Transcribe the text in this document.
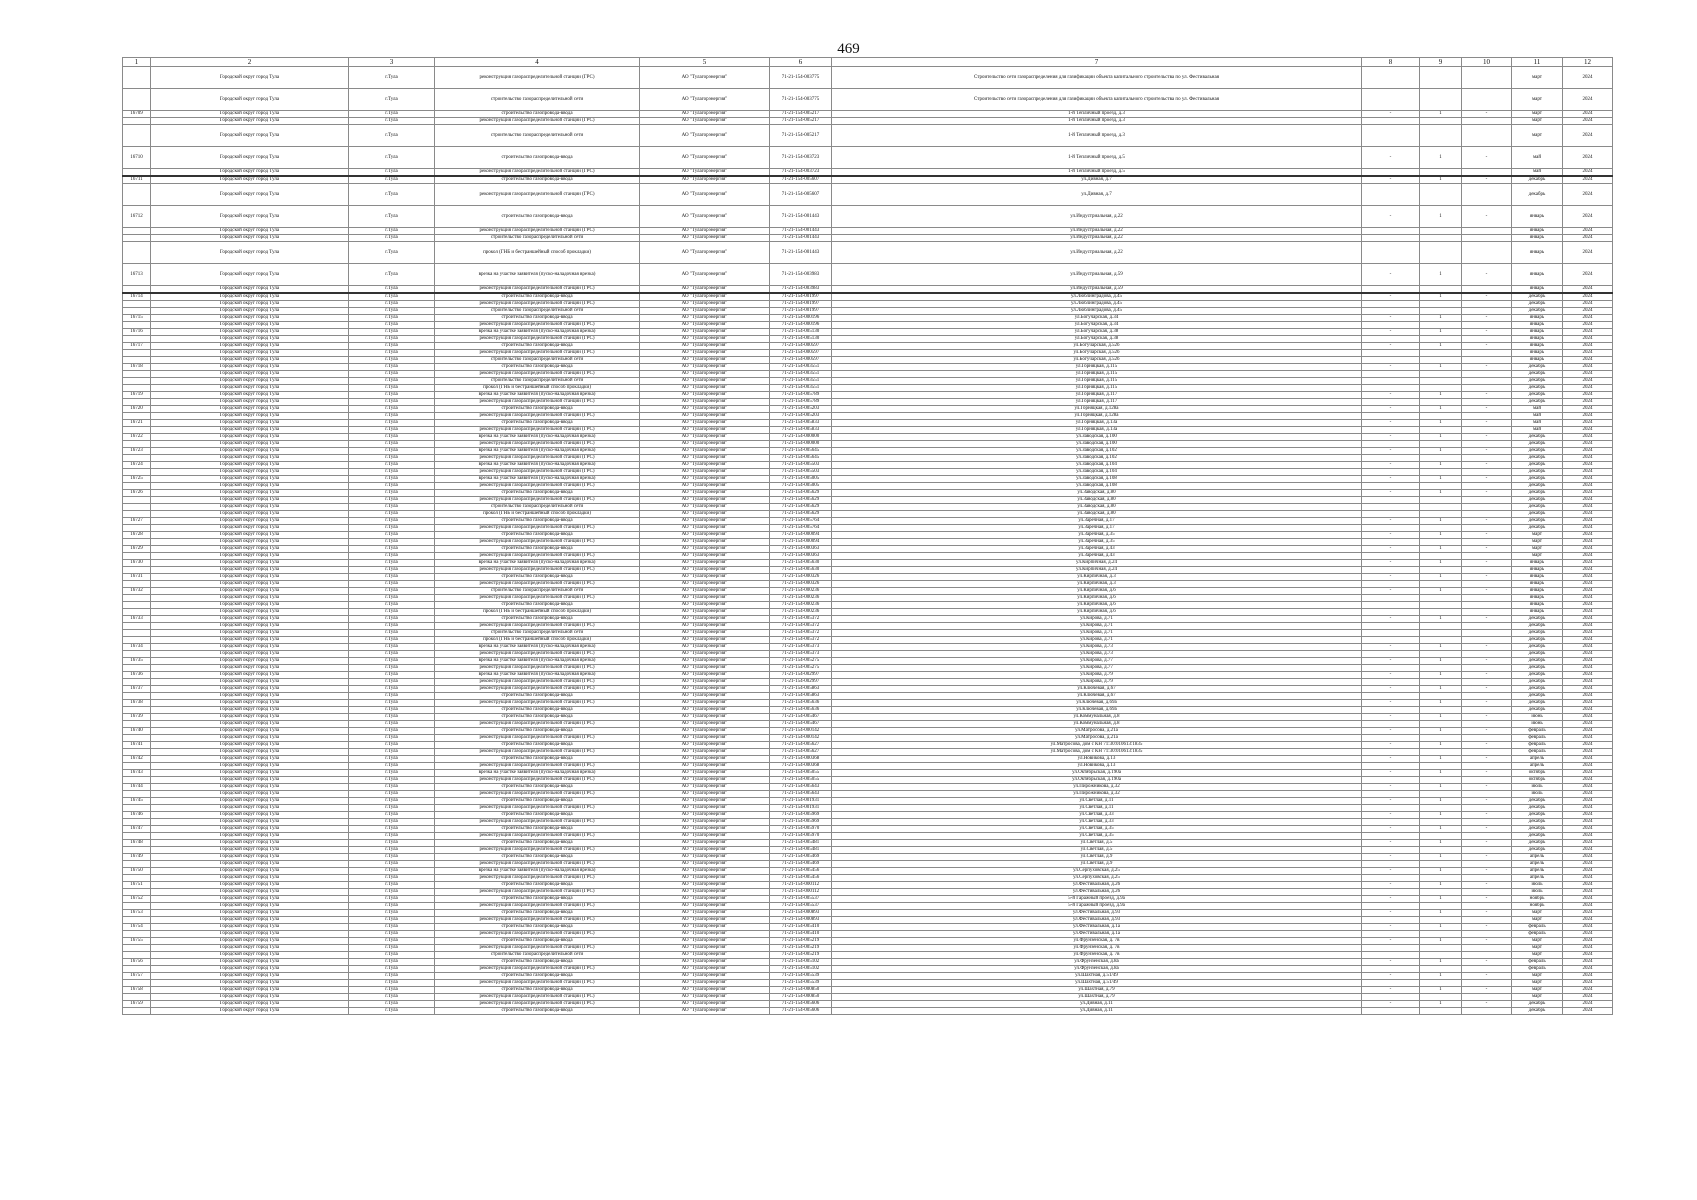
469
1	2	3	4	5	6	7	8	9	10	11	12
	Городской округ город Тула	г.Тула	реконструкция газораспределительной станции (ГРС)	АО "Тулагорэнергия"	71-21-154-003775	Строительство сети газораспределения для газификации объекта капитального строительства по ул. Фестивальная				март	2024
	Городской округ город Тула	г.Тула	строительство газораспределительной сети	АО "Тулагорэнергия"	71-21-154-003775	Строительство сети газораспределения для газификации объекта капитального строительства по ул. Фестивальная				март	2024
16709	Городской округ город Тула	г.Тула	строительство газопровода-ввода	АО "Тулагорэнергия"	71-21-154-005217	1-й Тепличный проезд, д.3	-	1	-	март	2024
	Городской округ город Тула	г.Тула	реконструкция газораспределительной станции (ГРС)	АО "Тулагорэнергия"	71-21-154-005217	1-й Тепличный проезд, д.3				март	2024
	Городской округ город Тула	г.Тула	строительство газораспределительной сети	АО "Тулагорэнергия"	71-21-154-005217	1-й Тепличный проезд, д.3				март	2024
16710	Городской округ город Тула	г.Тула	строительство газопровода-ввода	АО "Тулагорэнергия"	71-21-154-003723	1-й Тепличный проезд, д.5	-	1	-	май	2024
	Городской округ город Тула	г.Тула	реконструкция газораспределительной станции (ГРС)	АО "Тулагорэнергия"	71-21-154-003723	1-й Тепличный проезд, д.5				май	2024
16711	Городской округ город Тула	г.Тула	строительство газопровода-ввода	АО "Тулагорэнергия"	71-21-154-005607	ул.Дивная, д.7	-	1	-	декабрь	2024
	Городской округ город Тула	г.Тула	реконструкция газораспределительной станции (ГРС)	АО "Тулагорэнергия"	71-21-154-005607	ул.Дивная, д.7				декабрь	2024
16712	Городской округ город Тула	г.Тула	строительство газопровода-ввода	АО "Тулагорэнергия"	71-21-154-001443	ул.Индустриальная, д.22	-	1	-	январь	2024
	Городской округ город Тула	г.Тула	реконструкция газораспределительной станции (ГРС)	АО "Тулагорэнергия"	71-21-154-001443	ул.Индустриальная, д.22				январь	2024
	Городской округ город Тула	г.Тула	строительство газораспределительной сети	АО "Тулагорэнергия"	71-21-154-001443	ул.Индустриальная, д.22				январь	2024
	Городской округ город Тула	г.Тула	прокол (ГНБ и бестраншейный способ прокладки)	АО "Тулагорэнергия"	71-21-154-001443	ул.Индустриальная, д.22				январь	2024
16713	Городской округ город Тула	г.Тула	врезка на участке заявителя (пуско-наладочная врезка)	АО "Тулагорэнергия"	71-21-154-003983	ул.Индустриальная, д.59	-	1	-	январь	2024
	Городской округ город Тула	г.Тула	реконструкция газораспределительной станции (ГРС)	АО "Тулагорэнергия"	71-21-154-003983	ул.Индустриальная, д.59				январь	2024
16714	Городской округ город Тула	г.Тула	строительство газопровода-ввода	АО "Тулагорэнергия"	71-21-154-001997	ул.Люблинградова, д.45	-	1	-	декабрь	2024
	Городской округ город Тула	г.Тула	реконструкция газораспределительной станции (ГРС)	АО "Тулагорэнергия"	71-21-154-001997	ул.Люблинградова, д.45				декабрь	2024
	Городской округ город Тула	г.Тула	строительство газораспределительной сети	АО "Тулагорэнергия"	71-21-154-001997	ул.Люблинградова, д.45				декабрь	2024
16715	Городской округ город Тула	г.Тула	строительство газопровода-ввода	АО "Тулагорэнергия"	71-21-154-000196	ул.Богучарская, д.34	-	1	-	январь	2024
	Городской округ город Тула	г.Тула	реконструкция газораспределительной станции (ГРС)	АО "Тулагорэнергия"	71-21-154-000196	ул.Богучарская, д.34				январь	2024
16716	Городской округ город Тула	г.Тула	врезка на участке заявителя (пуско-наладочная врезка)	АО "Тулагорэнергия"	71-21-154-005130	ул.Богучарская, д.38	-	1	-	январь	2024
	Городской округ город Тула	г.Тула	реконструкция газораспределительной станции (ГРС)	АО "Тулагорэнергия"	71-21-154-005130	ул.Богучарская, д.38				январь	2024
16717	Городской округ город Тула	г.Тула	строительство газопровода-ввода	АО "Тулагорэнергия"	71-21-154-000597	ул.Богучарская, д.52б	-	1	-	январь	2024
	Городской округ город Тула	г.Тула	реконструкция газораспределительной станции (ГРС)	АО "Тулагорэнергия"	71-21-154-000597	ул.Богучарская, д.52б				январь	2024
	Городской округ город Тула	г.Тула	строительство газораспределительной сети	АО "Тулагорэнергия"	71-21-154-000597	ул.Богучарская, д.52б				январь	2024
16718	Городской округ город Тула	г.Тула	строительство газопровода-ввода	АО "Тулагорэнергия"	71-21-154-003551	ул.Горняцкая, д.115	-	1	-	декабрь	2024
	Городской округ город Тула	г.Тула	реконструкция газораспределительной станции (ГРС)	АО "Тулагорэнергия"	71-21-154-003551	ул.Горняцкая, д.115				декабрь	2024
	Городской округ город Тула	г.Тула	строительство газораспределительной сети	АО "Тулагорэнергия"	71-21-154-003551	ул.Горняцкая, д.115				декабрь	2024
	Городской округ город Тула	г.Тула	прокол (ГНБ и бестраншейный способ прокладки)	АО "Тулагорэнергия"	71-21-154-003551	ул.Горняцкая, д.115				декабрь	2024
16719	Городской округ город Тула	г.Тула	врезка на участке заявителя (пуско-наладочная врезка)	АО "Тулагорэнергия"	71-21-154-005789	ул.Горняцкая, д.117	-	1	-	декабрь	2024
	Городской округ город Тула	г.Тула	реконструкция газораспределительной станции (ГРС)	АО "Тулагорэнергия"	71-21-154-005789	ул.Горняцкая, д.117				декабрь	2024
16720	Городской округ город Тула	г.Тула	строительство газопровода-ввода	АО "Тулагорэнергия"	71-21-154-005203	ул.Горняцкая, д.128а	-	1	-	май	2024
	Городской округ город Тула	г.Тула	реконструкция газораспределительной станции (ГРС)	АО "Тулагорэнергия"	71-21-154-005203	ул.Горняцкая, д.128а				май	2024
16721	Городской округ город Тула	г.Тула	строительство газопровода-ввода	АО "Тулагорэнергия"	71-21-154-005833	ул.Горняцкая, д.13а	-	1	-	май	2024
	Городской округ город Тула	г.Тула	реконструкция газораспределительной станции (ГРС)	АО "Тулагорэнергия"	71-21-154-005833	ул.Горняцкая, д.13а				май	2024
16722	Городской округ город Тула	г.Тула	врезка на участке заявителя (пуско-наладочная врезка)	АО "Тулагорэнергия"	71-21-154-000000	ул.Заводская, д.100	-	1	-	декабрь	2024
	Городской округ город Тула	г.Тула	реконструкция газораспределительной станции (ГРС)	АО "Тулагорэнергия"	71-21-154-000000	ул.Заводская, д.100				декабрь	2024
16723	Городской округ город Тула	г.Тула	врезка на участке заявителя (пуско-наладочная врезка)	АО "Тулагорэнергия"	71-21-154-005645	ул.Заводская, д.102	-	1	-	декабрь	2024
	Городской округ город Тула	г.Тула	реконструкция газораспределительной станции (ГРС)	АО "Тулагорэнергия"	71-21-154-005645	ул.Заводская, д.102				декабрь	2024
16724	Городской округ город Тула	г.Тула	врезка на участке заявителя (пуско-наладочная врезка)	АО "Тулагорэнергия"	71-21-154-005503	ул.Заводская, д.104	-	1	-	декабрь	2024
	Городской округ город Тула	г.Тула	реконструкция газораспределительной станции (ГРС)	АО "Тулагорэнергия"	71-21-154-005503	ул.Заводская, д.104				декабрь	2024
16725	Городской округ город Тула	г.Тула	врезка на участке заявителя (пуско-наладочная врезка)	АО "Тулагорэнергия"	71-21-154-005005	ул.Заводская, д.108	-	1	-	декабрь	2024
	Городской округ город Тула	г.Тула	реконструкция газораспределительной станции (ГРС)	АО "Тулагорэнергия"	71-21-154-005005	ул.Заводская, д.108				декабрь	2024
16726	Городской округ город Тула	г.Тула	строительство газопровода-ввода	АО "Тулагорэнергия"	71-21-154-005629	ул.Заводская, д.80	-	1	-	декабрь	2024
	Городской округ город Тула	г.Тула	реконструкция газораспределительной станции (ГРС)	АО "Тулагорэнергия"	71-21-154-005629	ул.Заводская, д.80				декабрь	2024
	Городской округ город Тула	г.Тула	строительство газораспределительной сети	АО "Тулагорэнергия"	71-21-154-005629	ул.Заводская, д.80				декабрь	2024
	Городской округ город Тула	г.Тула	прокол (ГНБ и бестраншейный способ прокладки)	АО "Тулагорэнергия"	71-21-154-005629	ул.Заводская, д.80				декабрь	2024
16727	Городской округ город Тула	г.Тула	строительство газопровода-ввода	АО "Тулагорэнергия"	71-21-154-005764	ул.Заречная, д.17	-	1	-	декабрь	2024
	Городской округ город Тула	г.Тула	реконструкция газораспределительной станции (ГРС)	АО "Тулагорэнергия"	71-21-154-005764	ул.Заречная, д.17				декабрь	2024
16728	Городской округ город Тула	г.Тула	строительство газопровода-ввода	АО "Тулагорэнергия"	71-21-154-000094	ул.Заречная, д.35	-	1	-	март	2024
	Городской округ город Тула	г.Тула	реконструкция газораспределительной станции (ГРС)	АО "Тулагорэнергия"	71-21-154-000094	ул.Заречная, д.35				март	2024
16729	Городской округ город Тула	г.Тула	строительство газопровода-ввода	АО "Тулагорэнергия"	71-21-154-000363	ул.Заречная, д.43	-	1	-	март	2024
	Городской округ город Тула	г.Тула	реконструкция газораспределительной станции (ГРС)	АО "Тулагорэнергия"	71-21-154-000363	ул.Заречная, д.43				март	2024
16730	Городской округ город Тула	г.Тула	врезка на участке заявителя (пуско-наладочная врезка)	АО "Тулагорэнергия"	71-21-154-005630	ул.Кирпичная, д.24	-	1	-	январь	2024
	Городской округ город Тула	г.Тула	реконструкция газораспределительной станции (ГРС)	АО "Тулагорэнергия"	71-21-154-005630	ул.Кирпичная, д.24				январь	2024
16731	Городской округ город Тула	г.Тула	строительство газопровода-ввода	АО "Тулагорэнергия"	71-21-154-000326	ул.Кирпичная, д.3	-	1	-	январь	2024
	Городской округ город Тула	г.Тула	реконструкция газораспределительной станции (ГРС)	АО "Тулагорэнергия"	71-21-154-000326	ул.Кирпичная, д.3				январь	2024
16732	Городской округ город Тула	г.Тула	строительство газораспределительной сети	АО "Тулагорэнергия"	71-21-154-000236	ул.Кирпичная, д.6	-	1	-	январь	2024
	Городской округ город Тула	г.Тула	реконструкция газораспределительной станции (ГРС)	АО "Тулагорэнергия"	71-21-154-000236	ул.Кирпичная, д.6				январь	2024
	Городской округ город Тула	г.Тула	строительство газопровода-ввода	АО "Тулагорэнергия"	71-21-154-000236	ул.Кирпичная, д.6				январь	2024
	Городской округ город Тула	г.Тула	прокол (ГНБ и бестраншейный способ прокладки)	АО "Тулагорэнергия"	71-21-154-000236	ул.Кирпичная, д.6				январь	2024
16733	Городской округ город Тула	г.Тула	строительство газопровода-ввода	АО "Тулагорэнергия"	71-21-154-005372	ул.Кирова, д.71	-	1	-	декабрь	2024
	Городской округ город Тула	г.Тула	реконструкция газораспределительной станции (ГРС)	АО "Тулагорэнергия"	71-21-154-005372	ул.Кирова, д.71				декабрь	2024
	Городской округ город Тула	г.Тула	строительство газораспределительной сети	АО "Тулагорэнергия"	71-21-154-005372	ул.Кирова, д.71				декабрь	2024
	Городской округ город Тула	г.Тула	прокол (ГНБ и бестраншейный способ прокладки)	АО "Тулагорэнергия"	71-21-154-005372	ул.Кирова, д.71				декабрь	2024
16734	Городской округ город Тула	г.Тула	врезка на участке заявителя (пуско-наладочная врезка)	АО "Тулагорэнергия"	71-21-154-005373	ул.Кирова, д.73	-	1	-	декабрь	2024
	Городской округ город Тула	г.Тула	реконструкция газораспределительной станции (ГРС)	АО "Тулагорэнергия"	71-21-154-005373	ул.Кирова, д.73				декабрь	2024
16735	Городской округ город Тула	г.Тула	врезка на участке заявителя (пуско-наладочная врезка)	АО "Тулагорэнергия"	71-21-154-005275	ул.Кирова, д.77	-	1	-	декабрь	2024
	Городской округ город Тула	г.Тула	реконструкция газораспределительной станции (ГРС)	АО "Тулагорэнергия"	71-21-154-005275	ул.Кирова, д.77				декабрь	2024
16736	Городской округ город Тула	г.Тула	врезка на участке заявителя (пуско-наладочная врезка)	АО "Тулагорэнергия"	71-21-154-002997	ул.Кирова, д.79	-	1	-	декабрь	2024
	Городской округ город Тула	г.Тула	реконструкция газораспределительной станции (ГРС)	АО "Тулагорэнергия"	71-21-154-002997	ул.Кирова, д.79				декабрь	2024
16737	Городской округ город Тула	г.Тула	реконструкция газораспределительной станции (ГРС)	АО "Тулагорэнергия"	71-21-154-005863	ул.Ключевая, д.67	-	1	-	декабрь	2024
	Городской округ город Тула	г.Тула	строительство газопровода-ввода	АО "Тулагорэнергия"	71-21-154-005863	ул.Ключевая, д.67				декабрь	2024
16738	Городской округ город Тула	г.Тула	реконструкция газораспределительной станции (ГРС)	АО "Тулагорэнергия"	71-21-154-005636	ул.Ключевая, д.69а	-	1	-	декабрь	2024
	Городской округ город Тула	г.Тула	строительство газопровода-ввода	АО "Тулагорэнергия"	71-21-154-005636	ул.Ключевая, д.69а				декабрь	2024
16739	Городской округ город Тула	г.Тула	строительство газопровода-ввода	АО "Тулагорэнергия"	71-21-154-005467	ул.Коммунальная, д.8	-	1	-	июнь	2024
	Городской округ город Тула	г.Тула	реконструкция газораспределительной станции (ГРС)	АО "Тулагорэнергия"	71-21-154-005467	ул.Коммунальная, д.8				июнь	2024
16740	Городской округ город Тула	г.Тула	строительство газопровода-ввода	АО "Тулагорэнергия"	71-21-154-000142	ул.Матросова, д.21а	-	1	-	февраль	2024
	Городской округ город Тула	г.Тула	реконструкция газораспределительной станции (ГРС)	АО "Тулагорэнергия"	71-21-154-000142	ул.Матросова, д.21а				февраль	2024
16741	Городской округ город Тула	г.Тула	строительство газопровода-ввода	АО "Тулагорэнергия"	71-21-154-005627	ул.Матросова, дом с КН 71:30:010613:1835	-	1	-	февраль	2024
	Городской округ город Тула	г.Тула	реконструкция газораспределительной станции (ГРС)	АО "Тулагорэнергия"	71-21-154-005627	ул.Матросова, дом с КН 71:30:010613:1835				февраль	2024
16742	Городской округ город Тула	г.Тула	строительство газопровода-ввода	АО "Тулагорэнергия"	71-21-154-000368	ул.Новикова, д.13	-	1	-	апрель	2024
	Городской округ город Тула	г.Тула	реконструкция газораспределительной станции (ГРС)	АО "Тулагорэнергия"	71-21-154-000368	ул.Новикова, д.13				апрель	2024
16743	Городской округ город Тула	г.Тула	врезка на участке заявителя (пуско-наладочная врезка)	АО "Тулагорэнергия"	71-21-154-005055	ул.Октябрьская, д.190а	-	1	-	октябрь	2024
	Городской округ город Тула	г.Тула	реконструкция газораспределительной станции (ГРС)	АО "Тулагорэнергия"	71-21-154-005055	ул.Октябрьская, д.190а				октябрь	2024
16744	Городской округ город Тула	г.Тула	строительство газопровода-ввода	АО "Тулагорэнергия"	71-21-154-005643	ул.Пирожникова, д.32	-	1	-	июль	2024
	Городской округ город Тула	г.Тула	реконструкция газораспределительной станции (ГРС)	АО "Тулагорэнергия"	71-21-154-005643	ул.Пирожникова, д.32				июль	2024
16745	Городской округ город Тула	г.Тула	строительство газопровода-ввода	АО "Тулагорэнергия"	71-21-154-001931	ул.Светлая, д.11	-	1	-	декабрь	2024
	Городской округ город Тула	г.Тула	реконструкция газораспределительной станции (ГРС)	АО "Тулагорэнергия"	71-21-154-001931	ул.Светлая, д.11				декабрь	2024
16746	Городской округ город Тула	г.Тула	строительство газопровода-ввода	АО "Тулагорэнергия"	71-21-154-005969	ул.Светлая, д.33	-	1	-	декабрь	2024
	Городской округ город Тула	г.Тула	реконструкция газораспределительной станции (ГРС)	АО "Тулагорэнергия"	71-21-154-005969	ул.Светлая, д.33				декабрь	2024
16747	Городской округ город Тула	г.Тула	строительство газопровода-ввода	АО "Тулагорэнергия"	71-21-154-005970	ул.Светлая, д.35	-	1	-	декабрь	2024
	Городской округ город Тула	г.Тула	реконструкция газораспределительной станции (ГРС)	АО "Тулагорэнергия"	71-21-154-005970	ул.Светлая, д.35				декабрь	2024
16748	Городской округ город Тула	г.Тула	строительство газопровода-ввода	АО "Тулагорэнергия"	71-21-154-005481	ул.Светлая, д.5	-	1	-	декабрь	2024
	Городской округ город Тула	г.Тула	реконструкция газораспределительной станции (ГРС)	АО "Тулагорэнергия"	71-21-154-005481	ул.Светлая, д.5				декабрь	2024
16749	Городской округ город Тула	г.Тула	строительство газопровода-ввода	АО "Тулагорэнергия"	71-21-154-005469	ул.Светлая, д.9	-	1	-	апрель	2024
	Городской округ город Тула	г.Тула	реконструкция газораспределительной станции (ГРС)	АО "Тулагорэнергия"	71-21-154-005469	ул.Светлая, д.9				апрель	2024
16750	Городской округ город Тула	г.Тула	врезка на участке заявителя (пуско-наладочная врезка)	АО "Тулагорэнергия"	71-21-154-005456	ул.Серпуховская, д.25	-	1	-	апрель	2024
	Городской округ город Тула	г.Тула	реконструкция газораспределительной станции (ГРС)	АО "Тулагорэнергия"	71-21-154-005456	ул.Серпуховская, д.25				апрель	2024
16751	Городской округ город Тула	г.Тула	строительство газопровода-ввода	АО "Тулагорэнергия"	71-21-154-000112	ул.Фестивальная, д.26	-	1	-	июль	2024
	Городской округ город Тула	г.Тула	реконструкция газораспределительной станции (ГРС)	АО "Тулагорэнергия"	71-21-154-000112	ул.Фестивальная, д.26				июль	2024
16752	Городской округ город Тула	г.Тула	строительство газопровода-ввода	АО "Тулагорэнергия"	71-21-154-005537	5-й Гаражный проезд, д.9а	-	1	-	ноябрь	2024
	Городской округ город Тула	г.Тула	реконструкция газораспределительной станции (ГРС)	АО "Тулагорэнергия"	71-21-154-005537	5-й Гаражный проезд, д.9а				ноябрь	2024
16753	Городской округ город Тула	г.Тула	строительство газопровода-ввода	АО "Тулагорэнергия"	71-21-154-000893	ул.Фестивальная, д.93	-	1	-	март	2024
	Городской округ город Тула	г.Тула	реконструкция газораспределительной станции (ГРС)	АО "Тулагорэнергия"	71-21-154-000893	ул.Фестивальная, д.93				март	2024
16754	Городской округ город Тула	г.Тула	строительство газопровода-ввода	АО "Тулагорэнергия"	71-21-154-005410	ул.Фестивальная, д.1а	-	1	-	февраль	2024
	Городской округ город Тула	г.Тула	реконструкция газораспределительной станции (ГРС)	АО "Тулагорэнергия"	71-21-154-005410	ул.Фестивальная, д.1а				февраль	2024
16755	Городской округ город Тула	г.Тула	строительство газопровода-ввода	АО "Тулагорэнергия"	71-21-154-005219	ул.Фрунзенская, д. 7в	-	1	-	март	2024
	Городской округ город Тула	г.Тула	реконструкция газораспределительной станции (ГРС)	АО "Тулагорэнергия"	71-21-154-005219	ул.Фрунзенская, д. 7в				март	2024
	Городской округ город Тула	г.Тула	строительство газораспределительной сети	АО "Тулагорэнергия"	71-21-154-005219	ул.Фрунзенская, д. 7в				март	2024
16756	Городской округ город Тула	г.Тула	строительство газопровода-ввода	АО "Тулагорэнергия"	71-21-154-005102	ул.Фрунзенская, д.8а	-	1	-	февраль	2024
	Городской округ город Тула	г.Тула	реконструкция газораспределительной станции (ГРС)	АО "Тулагорэнергия"	71-21-154-005102	ул.Фрунзенская, д.8а				февраль	2024
16757	Городской округ город Тула	г.Тула	строительство газопровода-ввода	АО "Тулагорэнергия"	71-21-154-005539	ул.Шахтная, д.51/49	-	1	-	март	2024
	Городской округ город Тула	г.Тула	реконструкция газораспределительной станции (ГРС)	АО "Тулагорэнергия"	71-21-154-005539	ул.Шахтная, д.51/49				март	2024
16758	Городской округ город Тула	г.Тула	строительство газопровода-ввода	АО "Тулагорэнергия"	71-21-154-000850	ул.Шахтная, д.79	-	1	-	март	2024
	Городской округ город Тула	г.Тула	реконструкция газораспределительной станции (ГРС)	АО "Тулагорэнергия"	71-21-154-000850	ул.Шахтная, д.79				март	2024
16759	Городской округ город Тула	г.Тула	реконструкция газораспределительной станции (ГРС)	АО "Тулагорэнергия"	71-21-154-005606	ул.Дивная, д.11	-	1	-	декабрь	2024
	Городской округ город Тула	г.Тула	строительство газопровода-ввода	АО "Тулагорэнергия"	71-21-154-005606	ул.Дивная, д.11				декабрь	2024
